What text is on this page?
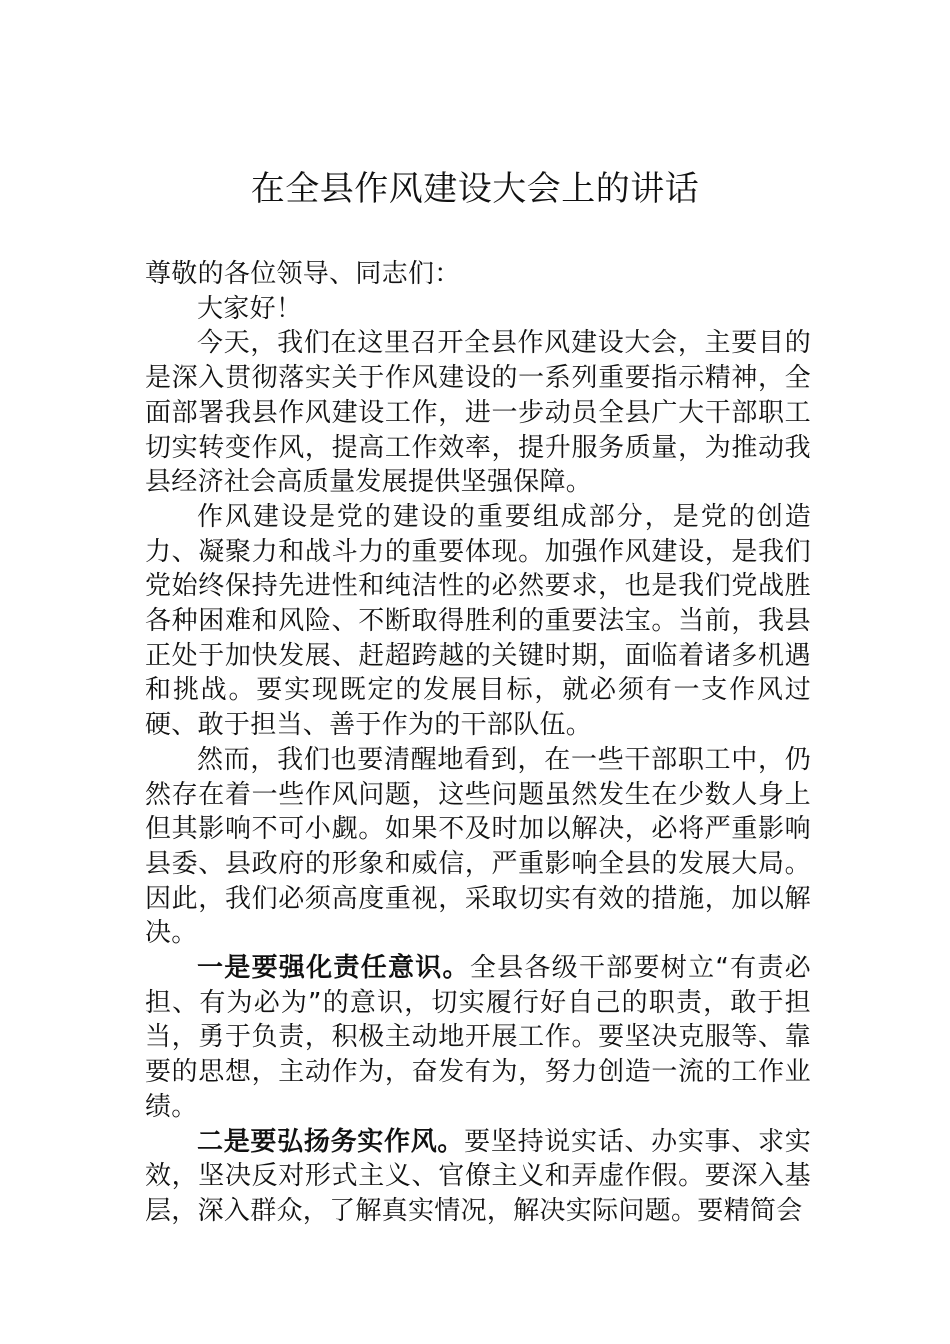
在全县作风建设大会上的讲话

尊敬的各位领导、同志们：

大家好！

今天，我们在这里召开全县作风建设大会，主要目的是深入贯彻落实关于作风建设的一系列重要指示精神，全面部署我县作风建设工作，进一步动员全县广大干部职工切实转变作风，提高工作效率，提升服务质量，为推动我县经济社会高质量发展提供坚强保障。

作风建设是党的建设的重要组成部分，是党的创造力、凝聚力和战斗力的重要体现。加强作风建设，是我们党始终保持先进性和纯洁性的必然要求，也是我们党战胜各种困难和风险、不断取得胜利的重要法宝。当前，我县正处于加快发展、赶超跨越的关键时期，面临着诸多机遇和挑战。要实现既定的发展目标，就必须有一支作风过硬、敢于担当、善于作为的干部队伍。

然而，我们也要清醒地看到，在一些干部职工中，仍然存在着一些作风问题，这些问题虽然发生在少数人身上但其影响不可小觑。如果不及时加以解决，必将严重影响县委、县政府的形象和威信，严重影响全县的发展大局。因此，我们必须高度重视，采取切实有效的措施，加以解决。

一是要强化责任意识。全县各级干部要树立“有责必担、有为必为”的意识，切实履行好自己的职责，敢于担当，勇于负责，积极主动地开展工作。要坚决克服等、靠要的思想，主动作为，奋发有为，努力创造一流的工作业绩。

二是要弘扬务实作风。要坚持说实话、办实事、求实效，坚决反对形式主义、官僚主义和弄虚作假。要深入基层，深入群众，了解真实情况，解决实际问题。要精简会
